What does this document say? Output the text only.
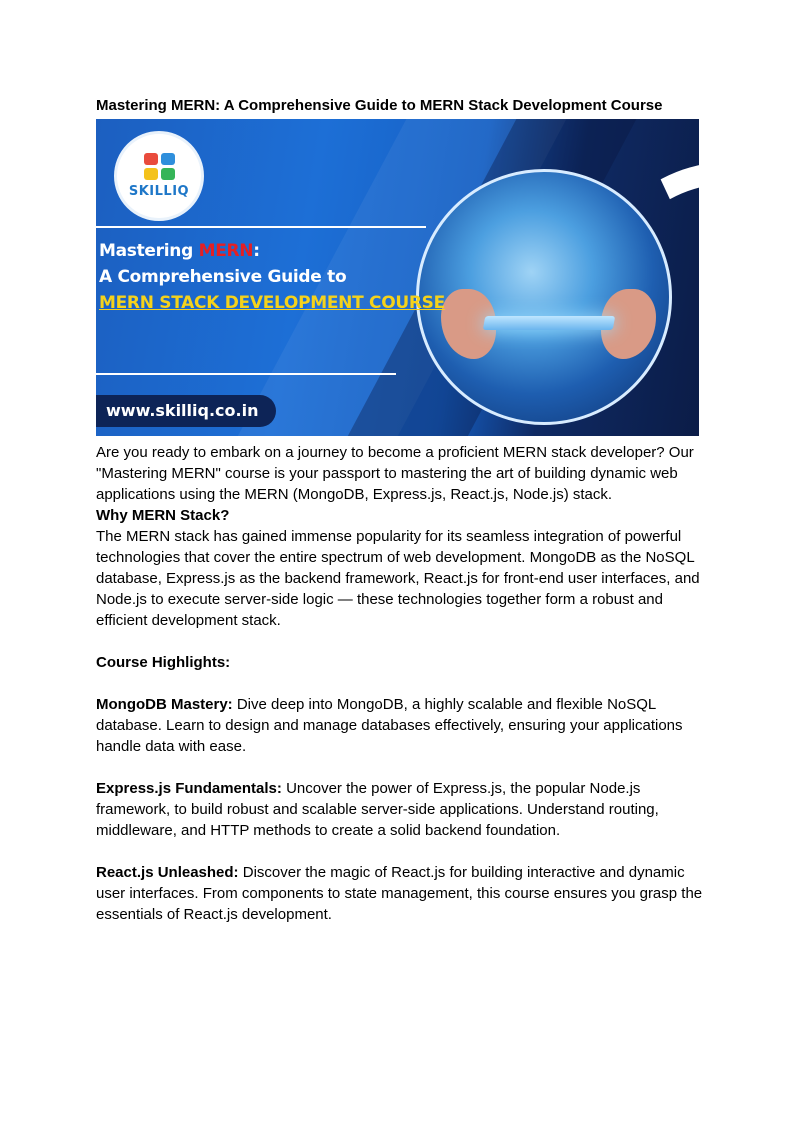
Mastering MERN: A Comprehensive Guide to MERN Stack Development Course
SKILLIQ
Mastering MERN:
A Comprehensive Guide to
MERN STACK DEVELOPMENT COURSE
www.skilliq.co.in

Are you ready to embark on a journey to become a proficient MERN stack developer? Our "Mastering MERN" course is your passport to mastering the art of building dynamic web applications using the MERN (MongoDB, Express.js, React.js, Node.js) stack.

Why MERN Stack?

The MERN stack has gained immense popularity for its seamless integration of powerful technologies that cover the entire spectrum of web development. MongoDB as the NoSQL database, Express.js as the backend framework, React.js for front-end user interfaces, and Node.js to execute server-side logic — these technologies together form a robust and efficient development stack.

Course Highlights:

MongoDB Mastery: Dive deep into MongoDB, a highly scalable and flexible NoSQL database. Learn to design and manage databases effectively, ensuring your applications handle data with ease.

Express.js Fundamentals: Uncover the power of Express.js, the popular Node.js framework, to build robust and scalable server-side applications. Understand routing, middleware, and HTTP methods to create a solid backend foundation.

React.js Unleashed: Discover the magic of React.js for building interactive and dynamic user interfaces. From components to state management, this course ensures you grasp the essentials of React.js development.
